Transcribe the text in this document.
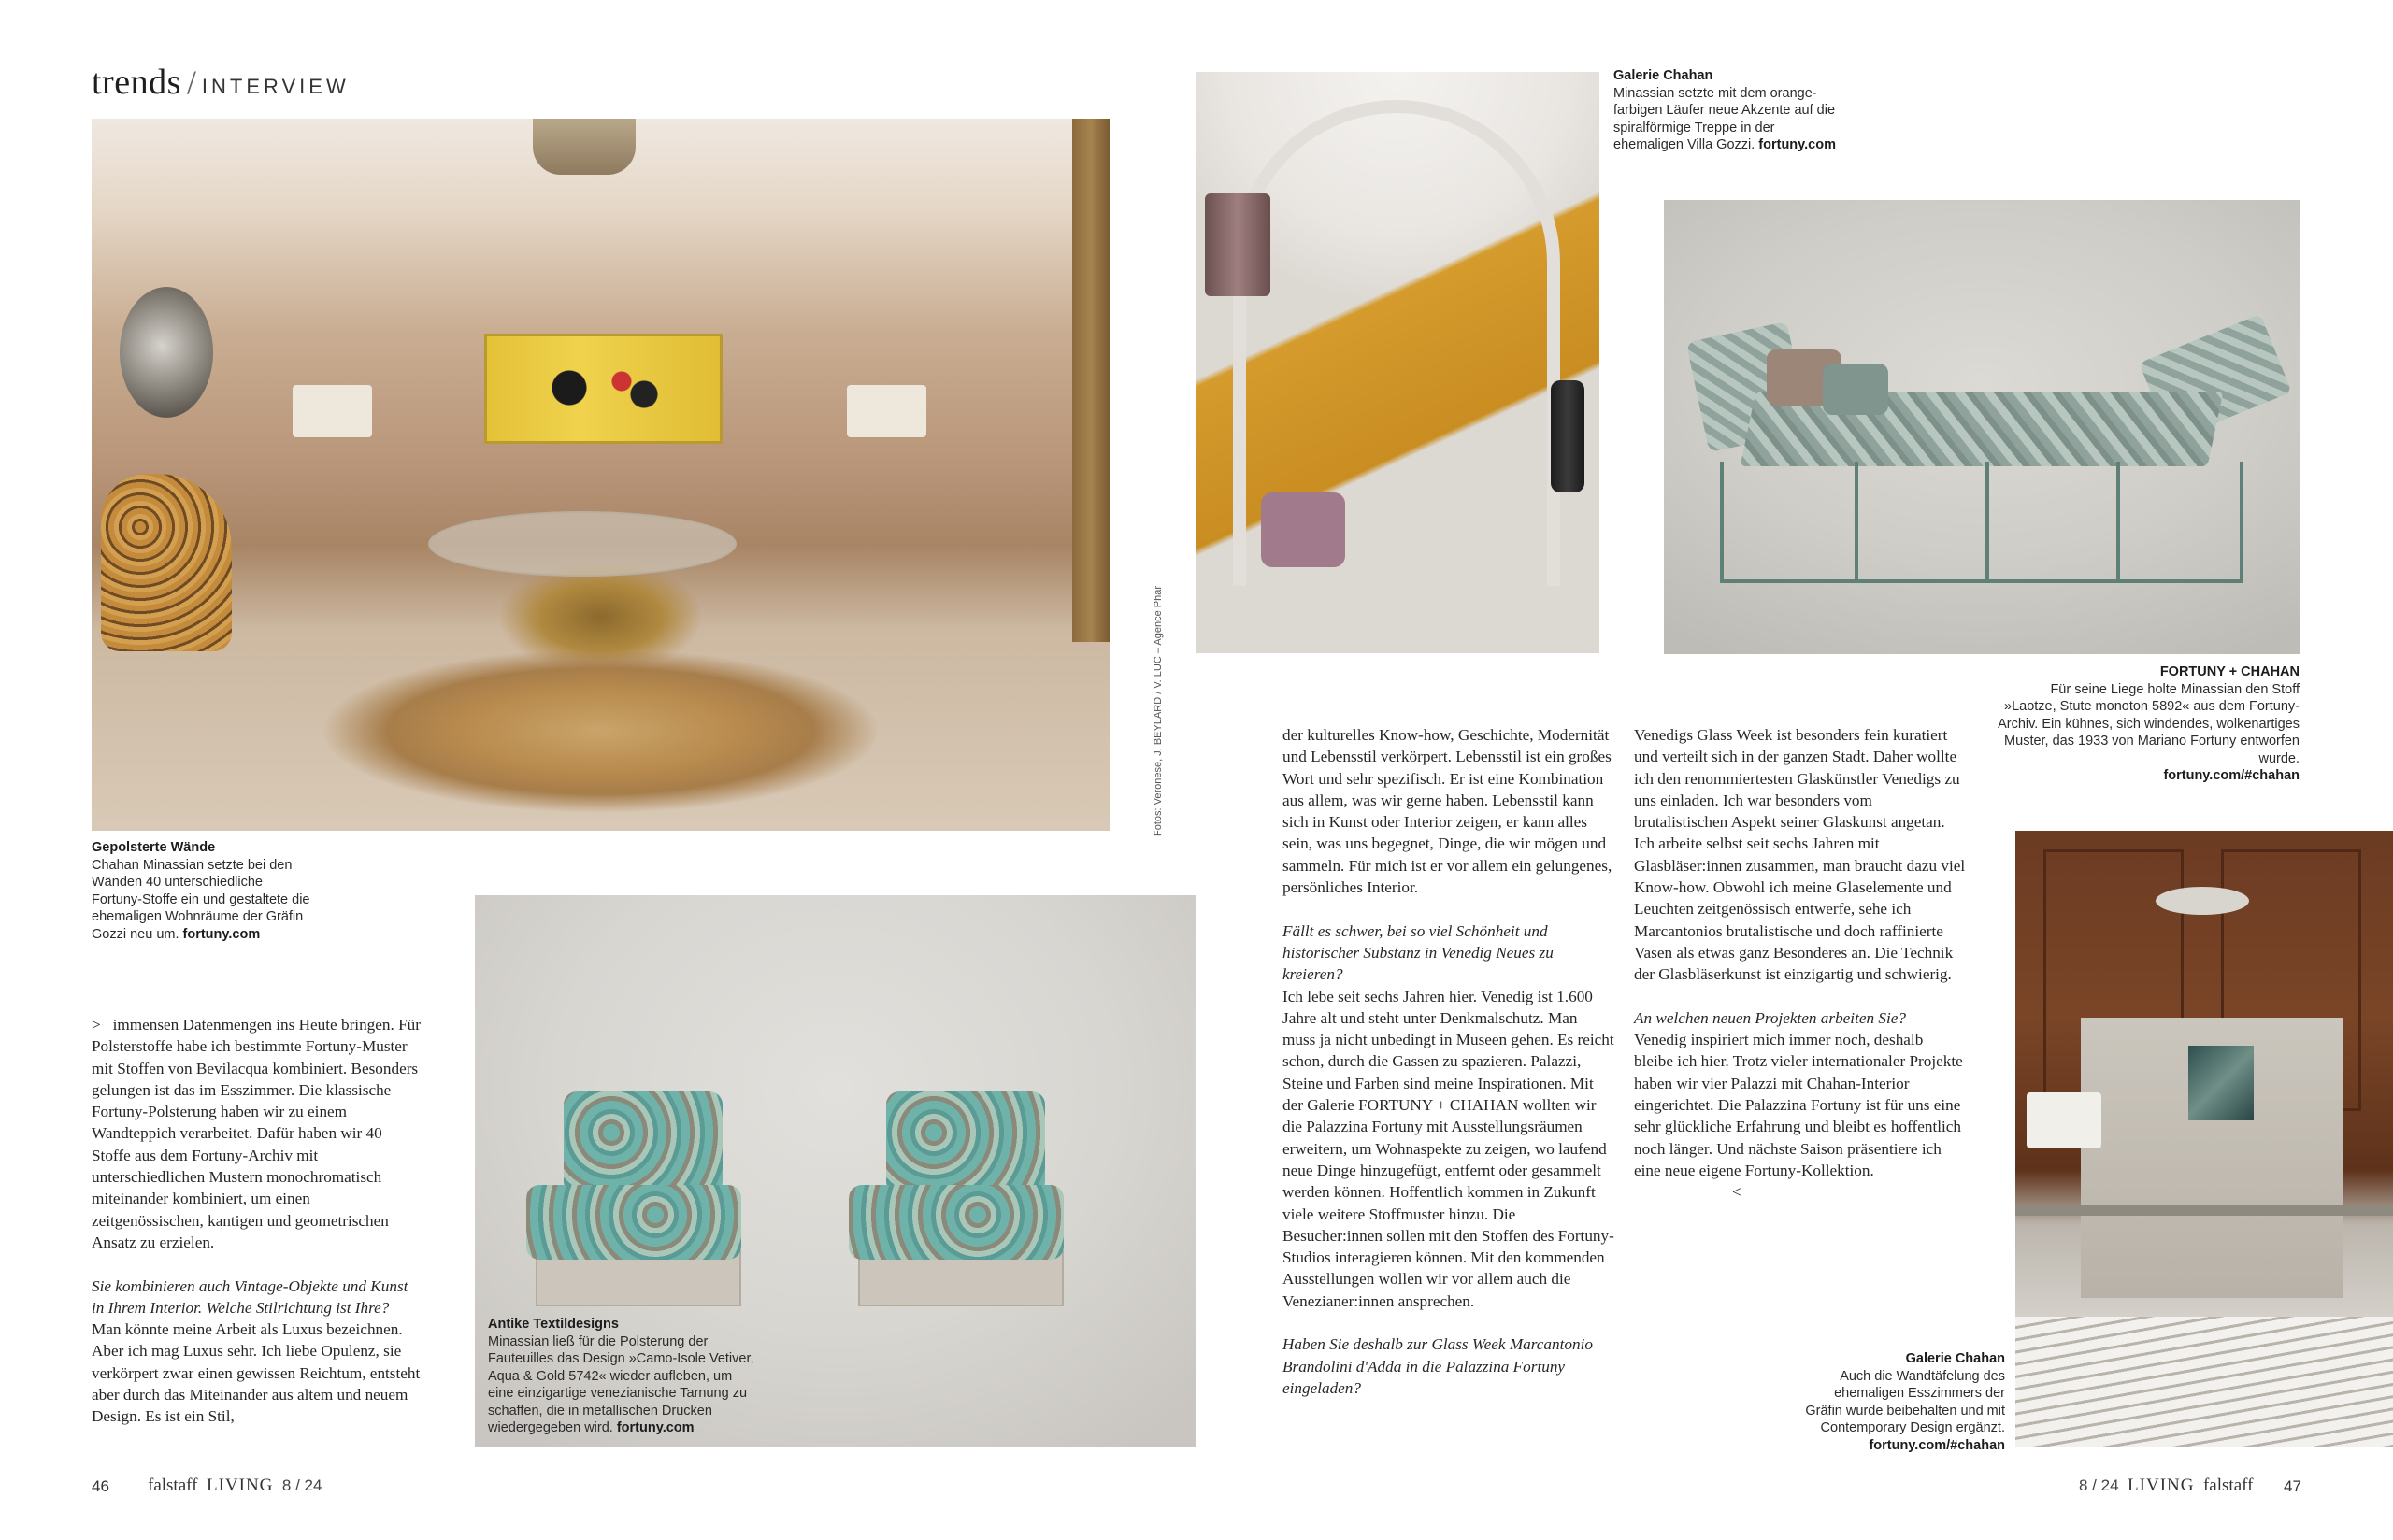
trends / INTERVIEW
Fotos: Veronese, J. BEYLARD / V. LUC – Agence Phar
Gepolsterte Wände
Chahan Minassian setzte bei den Wänden 40 unterschiedliche Fortuny-Stoffe ein und gestaltete die ehemaligen Wohnräume der Gräfin Gozzi neu um. fortuny.com
Galerie Chahan
Minassian setzte mit dem orangefarbigen Läufer neue Akzente auf die spiralförmige Treppe in der ehemaligen Villa Gozzi. fortuny.com
FORTUNY + CHAHAN
Für seine Liege holte Minassian den Stoff »Laotze, Stute monoton 5892« aus dem Fortuny-Archiv. Ein kühnes, sich windendes, wolkenartiges Muster, das 1933 von Mariano Fortuny entworfen wurde.
fortuny.com/#chahan
Antike Textildesigns
Minassian ließ für die Polsterung der Fauteuilles das Design »Camo-Isole Vetiver, Aqua & Gold 5742« wieder aufleben, um eine einzigartige venezianische Tarnung zu schaffen, die in metallischen Drucken wiedergegeben wird. fortuny.com
Galerie Chahan
Auch die Wandtäfelung des ehemaligen Esszimmers der Gräfin wurde beibehalten und mit Contemporary Design ergänzt. fortuny.com/#chahan

> immensen Datenmengen ins Heute bringen. Für Polsterstoffe habe ich bestimmte Fortuny-Muster mit Stoffen von Bevilacqua kombiniert. Besonders gelungen ist das im Esszimmer. Die klassische Fortuny-Polsterung haben wir zu einem Wandteppich verarbeitet. Dafür haben wir 40 Stoffe aus dem Fortuny-Archiv mit unterschiedlichen Mustern monochromatisch miteinander kombiniert, um einen zeitgenössischen, kantigen und geometrischen Ansatz zu erzielen.

Sie kombinieren auch Vintage-Objekte und Kunst in Ihrem Interior. Welche Stilrichtung ist Ihre?

Man könnte meine Arbeit als Luxus bezeichnen. Aber ich mag Luxus sehr. Ich liebe Opulenz, sie verkörpert zwar einen gewissen Reichtum, entsteht aber durch das Miteinander aus altem und neuem Design. Es ist ein Stil,

der kulturelles Know-how, Geschichte, Modernität und Lebensstil verkörpert. Lebensstil ist ein großes Wort und sehr spezifisch. Er ist eine Kombination aus allem, was wir gerne haben. Lebensstil kann sich in Kunst oder Interior zeigen, er kann alles sein, was uns begegnet, Dinge, die wir mögen und sammeln. Für mich ist er vor allem ein gelungenes, persönliches Interior.

Fällt es schwer, bei so viel Schönheit und historischer Substanz in Venedig Neues zu kreieren?

Ich lebe seit sechs Jahren hier. Venedig ist 1.600 Jahre alt und steht unter Denkmalschutz. Man muss ja nicht unbedingt in Museen gehen. Es reicht schon, durch die Gassen zu spazieren. Palazzi, Steine und Farben sind meine Inspirationen. Mit der Galerie FORTUNY + CHAHAN wollten wir die Palazzina Fortuny mit Ausstellungsräumen erweitern, um Wohnaspekte zu zeigen, wo laufend neue Dinge hinzugefügt, entfernt oder gesammelt werden können. Hoffentlich kommen in Zukunft viele weitere Stoffmuster hinzu. Die Besucher:innen sollen mit den Stoffen des Fortuny-Studios interagieren können. Mit den kommenden Ausstellungen wollen wir vor allem auch die Venezianer:innen ansprechen.

Haben Sie deshalb zur Glass Week Marcantonio Brandolini d'Adda in die Palazzina Fortuny eingeladen?

Venedigs Glass Week ist besonders fein kuratiert und verteilt sich in der ganzen Stadt. Daher wollte ich den renommiertesten Glaskünstler Venedigs zu uns einladen. Ich war besonders vom brutalistischen Aspekt seiner Glaskunst angetan. Ich arbeite selbst seit sechs Jahren mit Glasbläser:innen zusammen, man braucht dazu viel Know-how. Obwohl ich meine Glaselemente und Leuchten zeitgenössisch entwerfe, sehe ich Marcantonios brutalistische und doch raffinierte Vasen als etwas ganz Besonderes an. Die Technik der Glasbläserkunst ist einzigartig und schwierig.

An welchen neuen Projekten arbeiten Sie?

Venedig inspiriert mich immer noch, deshalb bleibe ich hier. Trotz vieler internationaler Projekte haben wir vier Palazzi mit Chahan-Interior eingerichtet. Die Palazzina Fortuny ist für uns eine sehr glückliche Erfahrung und bleibt es hoffentlich noch länger. Und nächste Saison präsentiere ich eine neue eigene Fortuny-Kollektion.<

46 falstaff LIVING 8 / 24	8 / 24 LIVING falstaff 47
